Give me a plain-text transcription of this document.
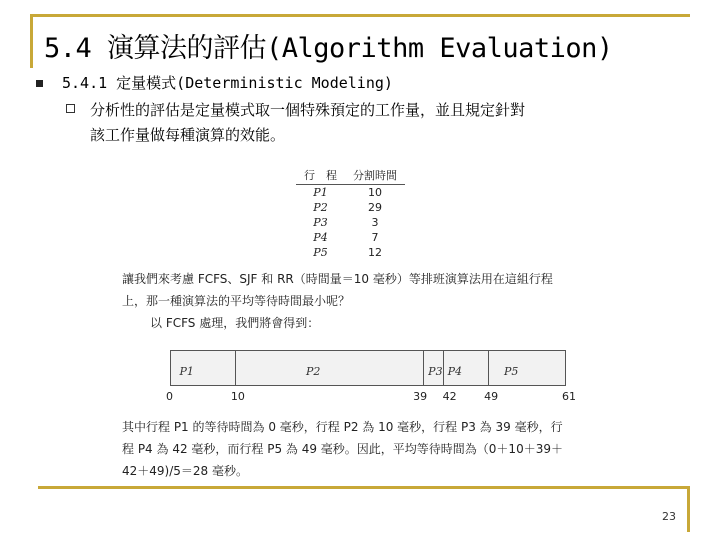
5.4 演算法的評估(Algorithm Evaluation)
5.4.1 定量模式(Deterministic Modeling)
分析性的評估是定量模式取一個特殊預定的工作量，並且規定針對
該工作量做每種演算的效能。
行　程	分割時間
P1	10
P2	29
P3	3
P4	7
P5	12
讓我們來考慮 FCFS、SJF 和 RR（時間量＝10 毫秒）等排班演算法用在這組行程
上，那一種演算法的平均等待時間最小呢？
以 FCFS 處理，我們將會得到：
P1	P2	P3 P4	P5
0	10	39 42 49	61
其中行程 P1 的等待時間為 0 毫秒，行程 P2 為 10 毫秒，行程 P3 為 39 毫秒，行
程 P4 為 42 毫秒，而行程 P5 為 49 毫秒。因此，平均等待時間為（0＋10＋39＋
42＋49)/5＝28 毫秒。
23
